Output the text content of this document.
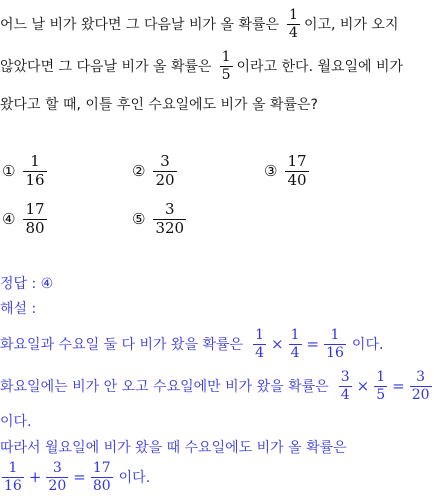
어느 날 비가 왔다면 그 다음날 비가 올 확률은 $\frac{1}{4}$ 이고, 비가 오지
않았다면 그 다음날 비가 올 확률은 $\frac{1}{5}$ 이라고 한다. 월요일에 비가
왔다고 할 때, 이틀 후인 수요일에도 비가 올 확률은?
① $\frac{1}{16}$	② $\frac{3}{20}$	③ $\frac{17}{40}$
④ $\frac{17}{80}$	⑤ $\frac{3}{320}$
정답 : ④
해설 :
화요일과 수요일 둘 다 비가 왔을 확률은 $\frac{1}{4} \times \frac{1}{4} = \frac{1}{16}$ 이다.
화요일에는 비가 안 오고 수요일에만 비가 왔을 확률은 $\frac{3}{4} \times \frac{1}{5} = \frac{3}{20}$
이다.
따라서 월요일에 비가 왔을 때 수요일에도 비가 올 확률은
$\frac{1}{16} + \frac{3}{20} = \frac{17}{80}$ 이다.
